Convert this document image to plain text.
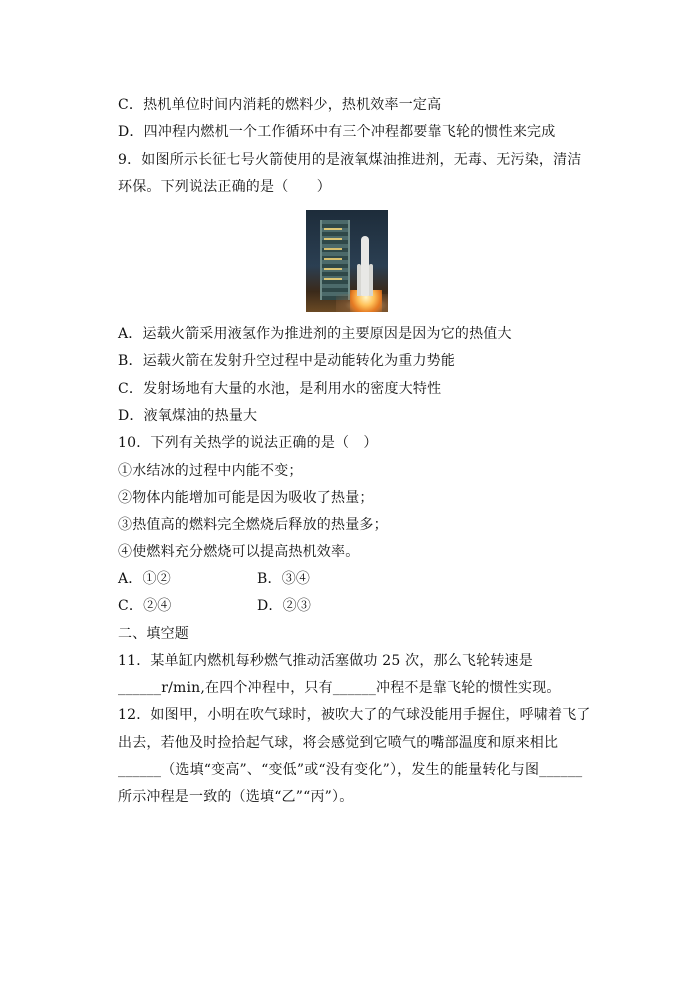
C．热机单位时间内消耗的燃料少，热机效率一定高
D．四冲程内燃机一个工作循环中有三个冲程都要靠飞轮的惯性来完成
9．如图所示长征七号火箭使用的是液氧煤油推进剂，无毒、无污染，清洁
环保。下列说法正确的是（　　）
A．运载火箭采用液氢作为推进剂的主要原因是因为它的热值大
B．运载火箭在发射升空过程中是动能转化为重力势能
C．发射场地有大量的水池，是利用水的密度大特性
D．液氧煤油的热量大
10．下列有关热学的说法正确的是（　）
①水结冰的过程中内能不变；
②物体内能增加可能是因为吸收了热量；
③热值高的燃料完全燃烧后释放的热量多；
④使燃料充分燃烧可以提高热机效率。
A．①②	B．③④
C．②④	D．②③
二、填空题
11．某单缸内燃机每秒燃气推动活塞做功 25 次，那么飞轮转速是
______r/min,在四个冲程中，只有______冲程不是靠飞轮的惯性实现。
12．如图甲，小明在吹气球时，被吹大了的气球没能用手握住，呼啸着飞了
出去，若他及时捡拾起气球，将会感觉到它喷气的嘴部温度和原来相比
______（选填“变高”、“变低”或“没有变化”），发生的能量转化与图______
所示冲程是一致的（选填“乙”“丙”）。
